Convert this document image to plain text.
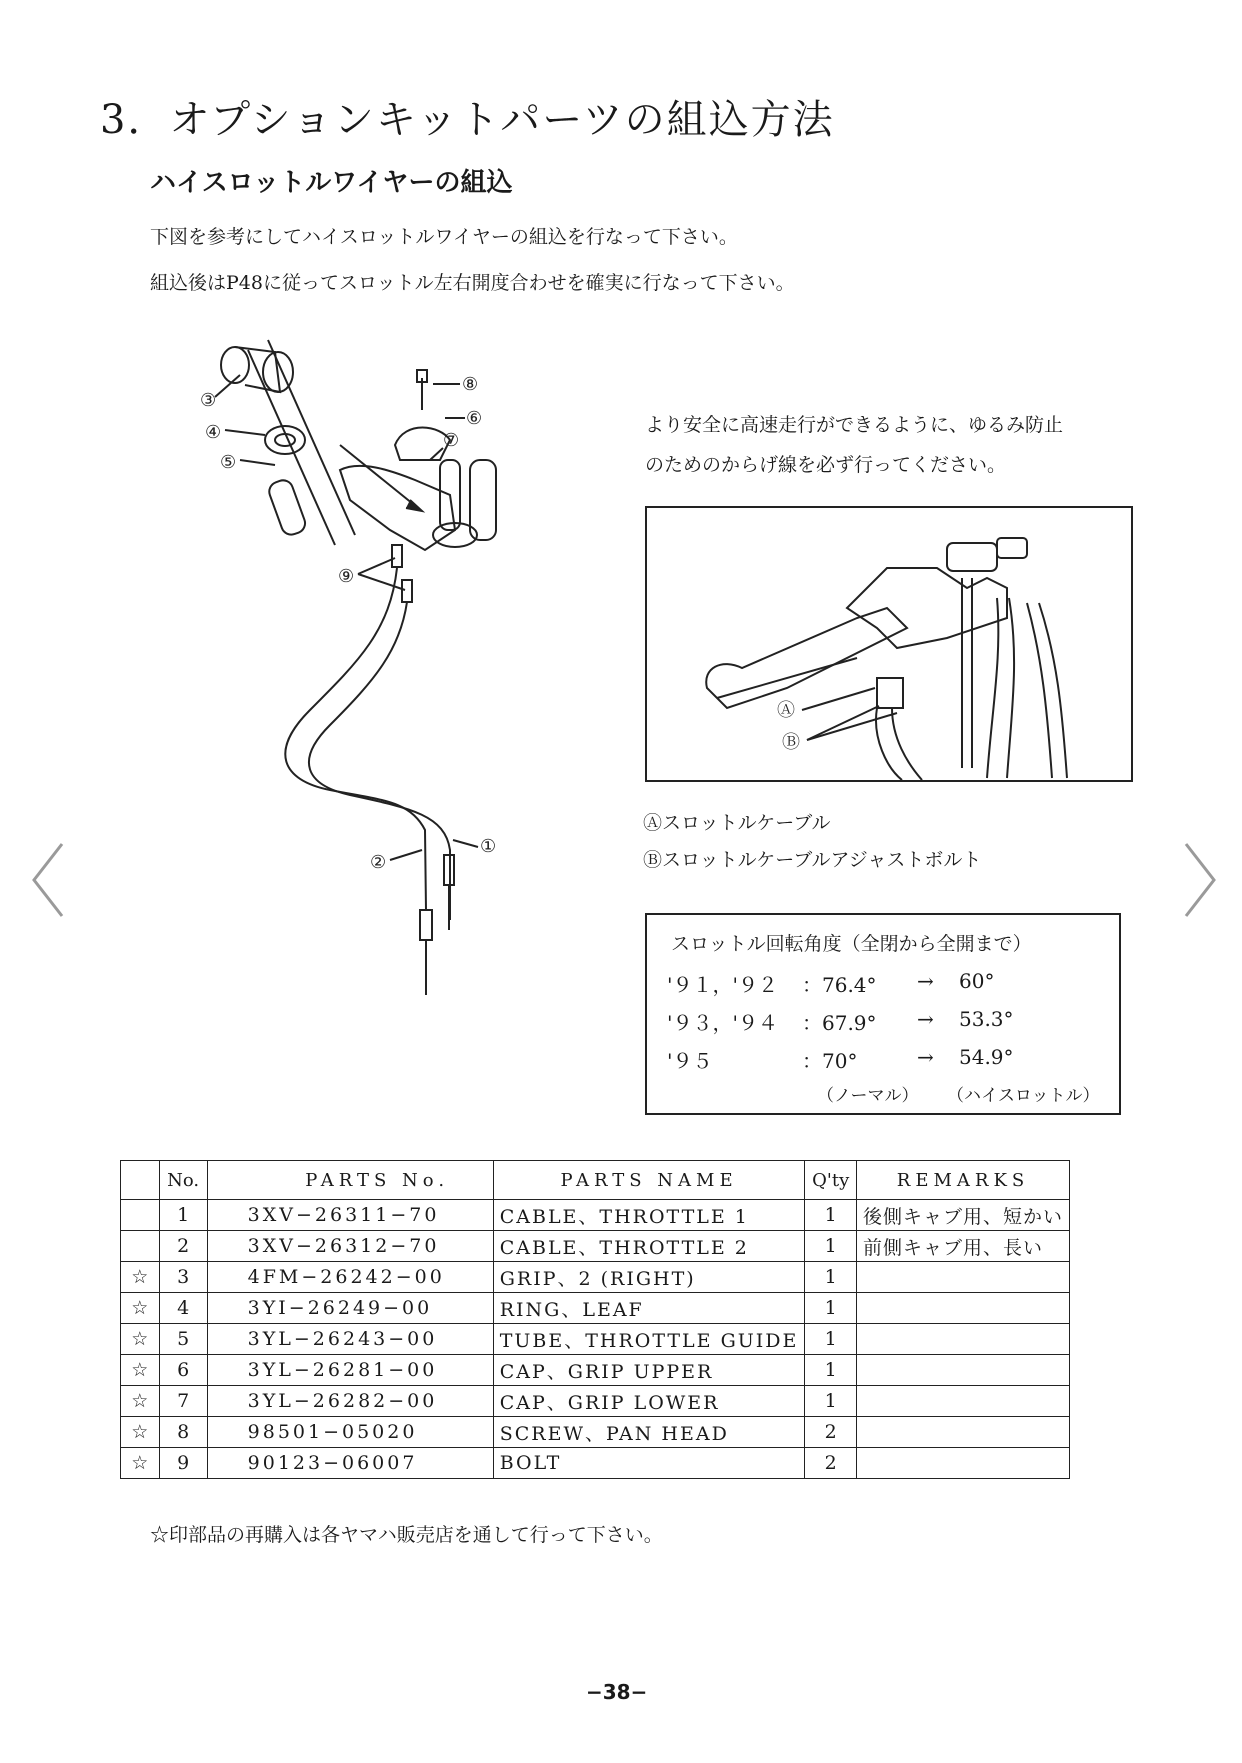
3．オプションキットパーツの組込方法
ハイスロットルワイヤーの組込
下図を参考にしてハイスロットルワイヤーの組込を行なって下さい。
組込後はP48に従ってスロットル左右開度合わせを確実に行なって下さい。
③
④
⑤
⑧
⑥
⑦
⑨
②
①
より安全に高速走行ができるように、ゆるみ防止
のためのからげ線を必ず行ってください。
Ⓐ
Ⓑ
Ⓐスロットルケーブル
Ⓑスロットルケーブルアジャストボルト
スロットル回転角度（全閉から全開まで）
'９１，'９２ ：76.4° → 60°
'９３，'９４ ：67.9° → 53.3°
'９５	：70°	→ 54.9°
（ノーマル） （ハイスロットル）
	No.	PARTS No.	PARTS NAME	Q'ty	REMARKS
	1	3XV−26311−70	CABLE、THROTTLE 1	1	後側キャブ用、短かい
	2	3XV−26312−70	CABLE、THROTTLE 2	1	前側キャブ用、長い
☆	3	4FM−26242−00	GRIP、2 (RIGHT)	1	
☆	4	3YI−26249−00	RING、LEAF	1	
☆	5	3YL−26243−00	TUBE、THROTTLE GUIDE	1	
☆	6	3YL−26281−00	CAP、GRIP UPPER	1	
☆	7	3YL−26282−00	CAP、GRIP LOWER	1	
☆	8	98501−05020	SCREW、PAN HEAD	2	
☆	9	90123−06007	BOLT	2	
☆印部品の再購入は各ヤマハ販売店を通して行って下さい。
−38−
